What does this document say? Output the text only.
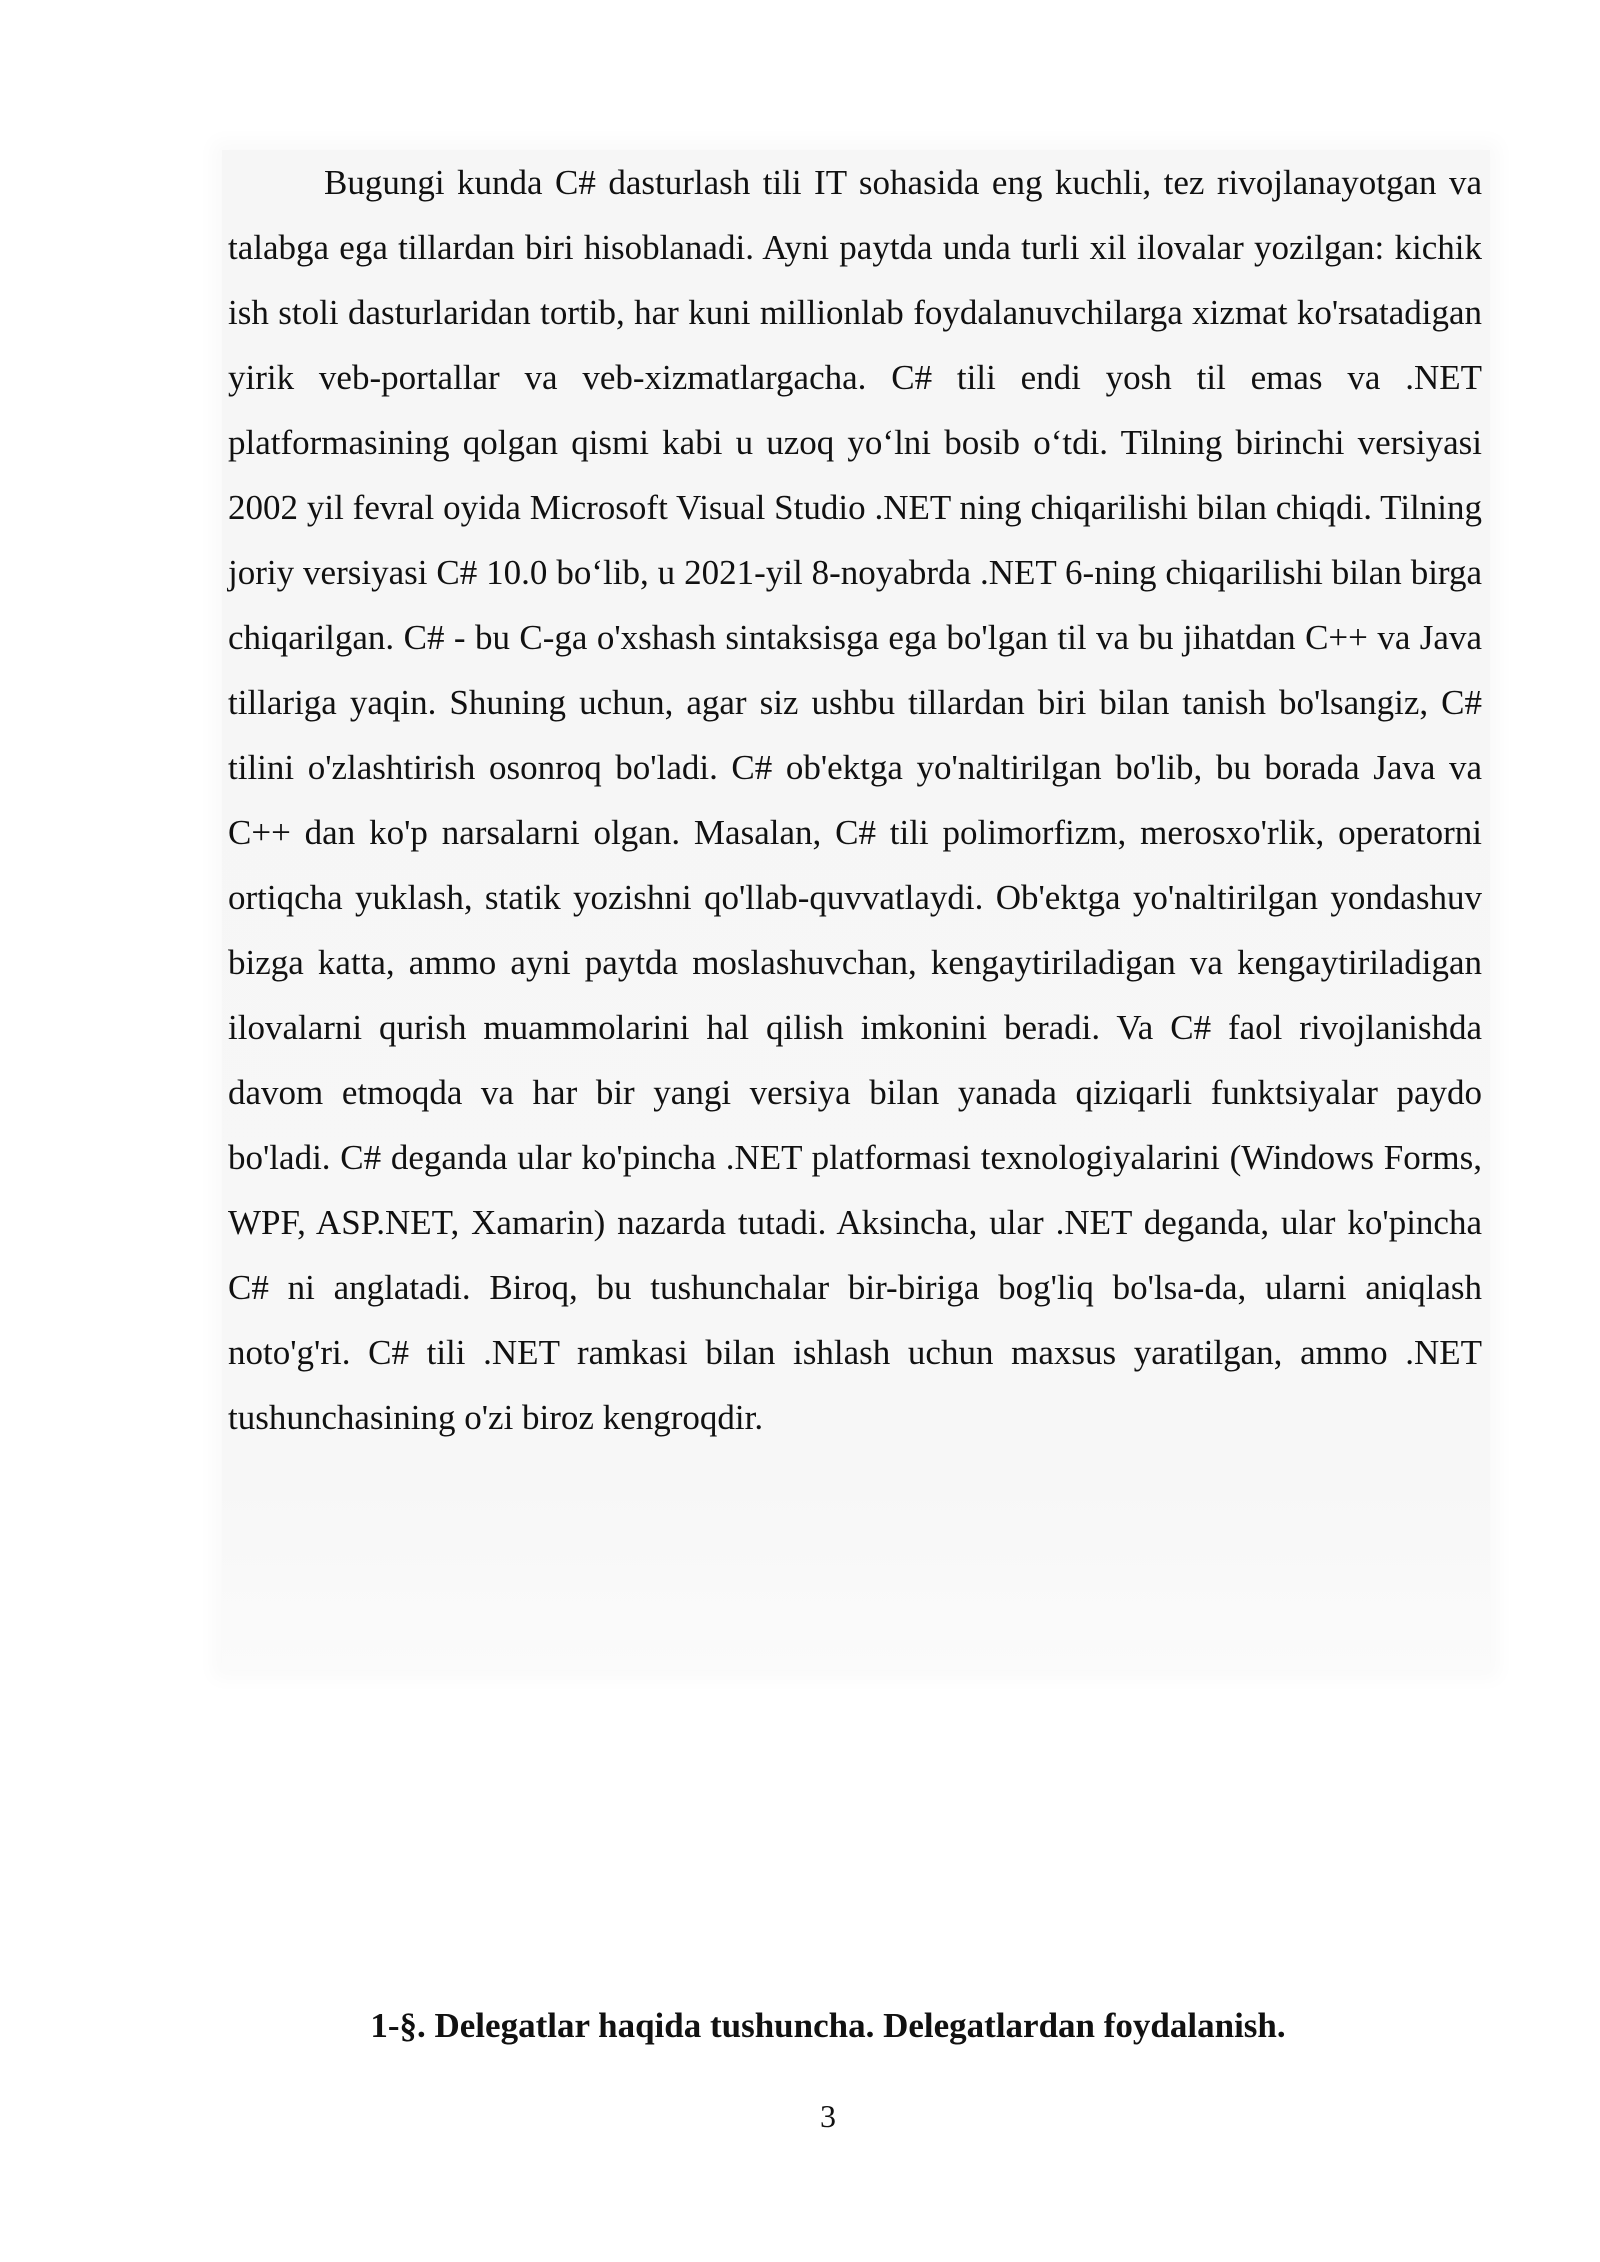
Bugungi kunda C# dasturlash tili IT sohasida eng kuchli, tez rivojlanayotgan va talabga ega tillardan biri hisoblanadi. Ayni paytda unda turli xil ilovalar yozilgan: kichik ish stoli dasturlaridan tortib, har kuni millionlab foydalanuvchilarga xizmat ko'rsatadigan yirik veb-portallar va veb-xizmatlargacha. C# tili endi yosh til emas va .NET platformasining qolgan qismi kabi u uzoq yo‘lni bosib o‘tdi. Tilning birinchi versiyasi 2002 yil fevral oyida Microsoft Visual Studio .NET ning chiqarilishi bilan chiqdi. Tilning joriy versiyasi C# 10.0 bo‘lib, u 2021-yil 8-noyabrda .NET 6-ning chiqarilishi bilan birga chiqarilgan. C# - bu C-ga o'xshash sintaksisga ega bo'lgan til va bu jihatdan C++ va Java tillariga yaqin. Shuning uchun, agar siz ushbu tillardan biri bilan tanish bo'lsangiz, C# tilini o'zlashtirish osonroq bo'ladi. C# ob'ektga yo'naltirilgan bo'lib, bu borada Java va C++ dan ko'p narsalarni olgan. Masalan, C# tili polimorfizm, merosxo'rlik, operatorni ortiqcha yuklash, statik yozishni qo'llab-quvvatlaydi. Ob'ektga yo'naltirilgan yondashuv bizga katta, ammo ayni paytda moslashuvchan, kengaytiriladigan va kengaytiriladigan ilovalarni qurish muammolarini hal qilish imkonini beradi. Va C# faol rivojlanishda davom etmoqda va har bir yangi versiya bilan yanada qiziqarli funktsiyalar paydo bo'ladi. C# deganda ular ko'pincha .NET platformasi texnologiyalarini (Windows Forms, WPF, ASP.NET, Xamarin) nazarda tutadi. Aksincha, ular .NET deganda, ular ko'pincha C# ni anglatadi. Biroq, bu tushunchalar bir-biriga bog'liq bo'lsa-da, ularni aniqlash noto'g'ri. C# tili .NET ramkasi bilan ishlash uchun maxsus yaratilgan, ammo .NET tushunchasining o'zi biroz kengroqdir.

1-§. Delegatlar haqida tushuncha. Delegatlardan foydalanish.
3
